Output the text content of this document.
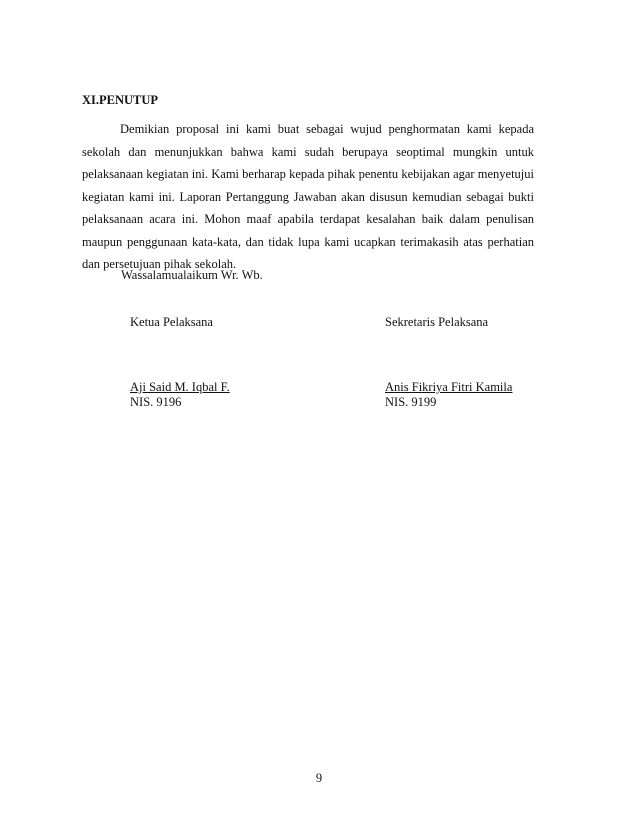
XI.PENUTUP

Demikian proposal ini kami buat sebagai wujud penghormatan kami kepada sekolah dan menunjukkan bahwa kami sudah berupaya seoptimal mungkin untuk pelaksanaan kegiatan ini. Kami berharap kepada pihak penentu kebijakan agar menyetujui kegiatan kami ini. Laporan Pertanggung Jawaban akan disusun kemudian sebagai bukti pelaksanaan acara ini. Mohon maaf apabila terdapat kesalahan baik dalam penulisan maupun penggunaan kata-kata, dan tidak lupa kami ucapkan terimakasih atas perhatian dan persetujuan pihak sekolah.

Wassalamualaikum Wr. Wb.

Ketua Pelaksana
Aji Said M. Iqbal F.
NIS. 9196
Sekretaris Pelaksana
Anis Fikriya Fitri Kamila
NIS. 9199
9
